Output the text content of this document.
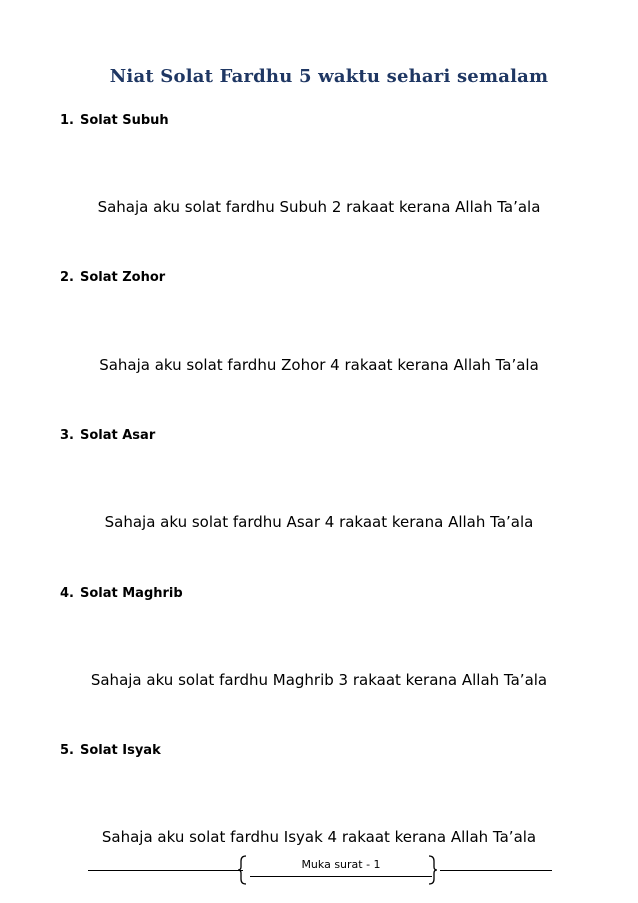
Niat Solat Fardhu 5 waktu sehari semalam
1. Solat Subuh
Sahaja aku solat fardhu Subuh 2 rakaat kerana Allah Ta’ala
2. Solat Zohor
Sahaja aku solat fardhu Zohor 4 rakaat kerana Allah Ta’ala
3. Solat Asar
Sahaja aku solat fardhu Asar 4 rakaat kerana Allah Ta’ala
4. Solat Maghrib
Sahaja aku solat fardhu Maghrib 3 rakaat kerana Allah Ta’ala
5. Solat Isyak
Sahaja aku solat fardhu Isyak 4 rakaat kerana Allah Ta’ala
Muka surat - 1
